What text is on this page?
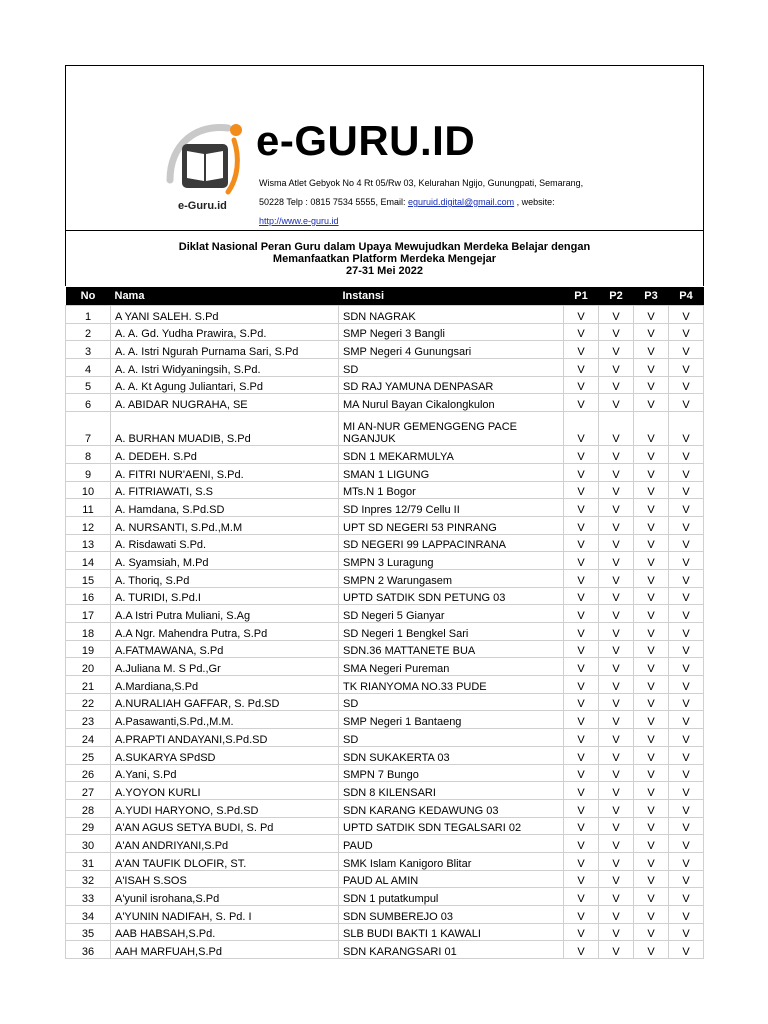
e-Guru.id
e-GURU.ID
Wisma Atlet Gebyok No 4 Rt 05/Rw 03, Kelurahan Ngijo, Gunungpati, Semarang,
50228 Telp : 0815 7534 5555, Email: eguruid.digital@gmail.com , website:
http://www.e-guru.id
Diklat Nasional Peran Guru dalam Upaya Mewujudkan Merdeka Belajar dengan
Memanfaatkan Platform Merdeka Mengejar
27-31 Mei 2022
No	Nama	Instansi	P1	P2	P3	P4
1	A YANI SALEH. S.Pd	SDN NAGRAK	V	V	V	V
2	A. A. Gd. Yudha Prawira, S.Pd.	SMP Negeri 3 Bangli	V	V	V	V
3	A. A. Istri Ngurah Purnama Sari, S.Pd	SMP Negeri 4 Gunungsari	V	V	V	V
4	A. A. Istri Widyaningsih, S.Pd.	SD	V	V	V	V
5	A. A. Kt Agung Juliantari, S.Pd	SD RAJ YAMUNA DENPASAR	V	V	V	V
6	A. ABIDAR NUGRAHA, SE	MA Nurul Bayan Cikalongkulon	V	V	V	V
7	A. BURHAN MUADIB, S.Pd	MI AN-NUR GEMENGGENG PACE NGANJUK	V	V	V	V
8	A. DEDEH. S.Pd	SDN 1 MEKARMULYA	V	V	V	V
9	A. FITRI NUR'AENI, S.Pd.	SMAN 1 LIGUNG	V	V	V	V
10	A. FITRIAWATI, S.S	MTs.N 1 Bogor	V	V	V	V
11	A. Hamdana, S.Pd.SD	SD Inpres 12/79 Cellu II	V	V	V	V
12	A. NURSANTI, S.Pd.,M.M	UPT SD NEGERI 53 PINRANG	V	V	V	V
13	A. Risdawati S.Pd.	SD NEGERI 99 LAPPACINRANA	V	V	V	V
14	A. Syamsiah, M.Pd	SMPN 3 Luragung	V	V	V	V
15	A. Thoriq, S.Pd	SMPN 2 Warungasem	V	V	V	V
16	A. TURIDI, S.Pd.I	UPTD SATDIK SDN PETUNG 03	V	V	V	V
17	A.A Istri Putra Muliani, S.Ag	SD Negeri 5 Gianyar	V	V	V	V
18	A.A Ngr. Mahendra Putra, S.Pd	SD Negeri 1 Bengkel Sari	V	V	V	V
19	A.FATMAWANA, S.Pd	SDN.36 MATTANETE BUA	V	V	V	V
20	A.Juliana M. S Pd.,Gr	SMA Negeri Pureman	V	V	V	V
21	A.Mardiana,S.Pd	TK RIANYOMA NO.33 PUDE	V	V	V	V
22	A.NURALIAH GAFFAR, S. Pd.SD	SD	V	V	V	V
23	A.Pasawanti,S.Pd.,M.M.	SMP Negeri 1 Bantaeng	V	V	V	V
24	A.PRAPTI ANDAYANI,S.Pd.SD	SD	V	V	V	V
25	A.SUKARYA SPdSD	SDN SUKAKERTA 03	V	V	V	V
26	A.Yani, S.Pd	SMPN 7 Bungo	V	V	V	V
27	A.YOYON KURLI	SDN 8 KILENSARI	V	V	V	V
28	A.YUDI HARYONO, S.Pd.SD	SDN KARANG KEDAWUNG 03	V	V	V	V
29	A'AN AGUS SETYA BUDI, S. Pd	UPTD SATDIK SDN TEGALSARI 02	V	V	V	V
30	A'AN ANDRIYANI,S.Pd	PAUD	V	V	V	V
31	A'AN TAUFIK DLOFIR, ST.	SMK Islam Kanigoro Blitar	V	V	V	V
32	A'ISAH S.SOS	PAUD AL AMIN	V	V	V	V
33	A'yunil isrohana,S.Pd	SDN 1 putatkumpul	V	V	V	V
34	A'YUNIN NADIFAH, S. Pd. I	SDN SUMBEREJO 03	V	V	V	V
35	AAB HABSAH,S.Pd.	SLB BUDI BAKTI 1 KAWALI	V	V	V	V
36	AAH MARFUAH,S.Pd	SDN KARANGSARI 01	V	V	V	V
